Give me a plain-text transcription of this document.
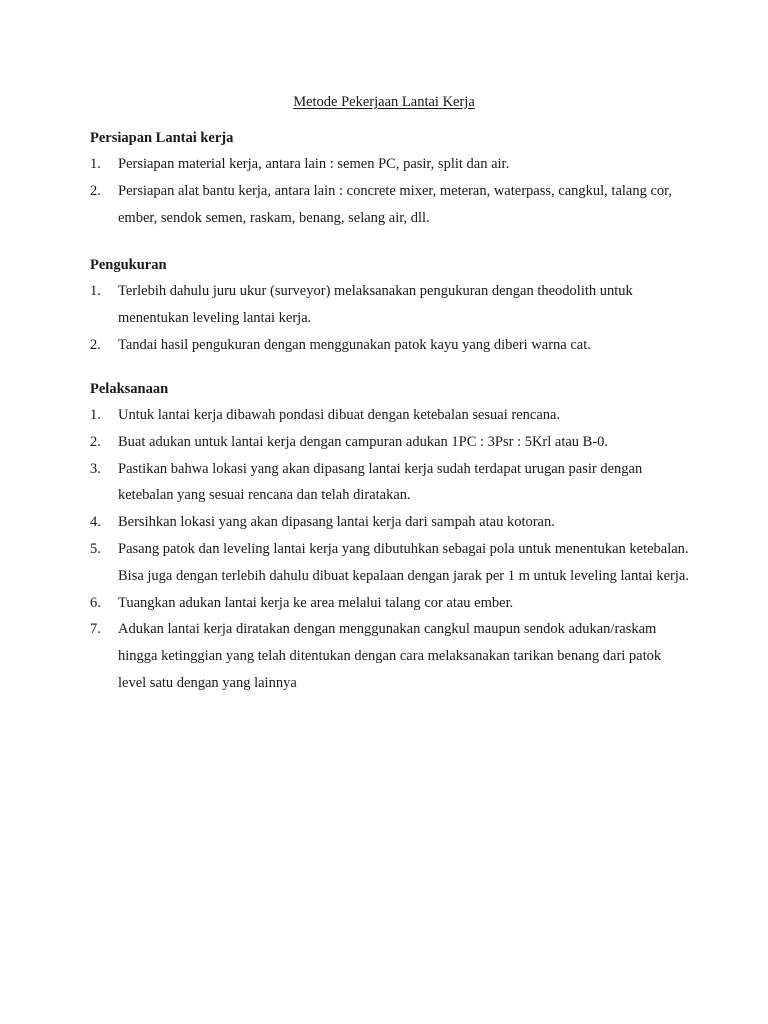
Metode Pekerjaan Lantai Kerja
Persiapan Lantai kerja
1. Persiapan material kerja, antara lain : semen PC, pasir, split dan air.
2. Persiapan alat bantu kerja, antara lain : concrete mixer, meteran, waterpass, cangkul, talang cor, ember, sendok semen, raskam, benang, selang air, dll.
Pengukuran
1. Terlebih dahulu juru ukur (surveyor) melaksanakan pengukuran dengan theodolith untuk menentukan leveling lantai kerja.
2. Tandai hasil pengukuran dengan menggunakan patok kayu yang diberi warna cat.
Pelaksanaan
1. Untuk lantai kerja dibawah pondasi dibuat dengan ketebalan sesuai rencana.
2. Buat adukan untuk lantai kerja dengan campuran adukan 1PC : 3Psr : 5Krl atau B-0.
3. Pastikan bahwa lokasi yang akan dipasang lantai kerja sudah terdapat urugan pasir dengan ketebalan yang sesuai rencana dan telah diratakan.
4. Bersihkan lokasi yang akan dipasang lantai kerja dari sampah atau kotoran.
5. Pasang patok dan leveling lantai kerja yang dibutuhkan sebagai pola untuk menentukan ketebalan. Bisa juga dengan terlebih dahulu dibuat kepalaan dengan jarak per 1 m untuk leveling lantai kerja.
6. Tuangkan adukan lantai kerja ke area melalui talang cor atau ember.
7. Adukan lantai kerja diratakan dengan menggunakan cangkul maupun sendok adukan/raskam hingga ketinggian yang telah ditentukan dengan cara melaksanakan tarikan benang dari patok level satu dengan yang lainnya
